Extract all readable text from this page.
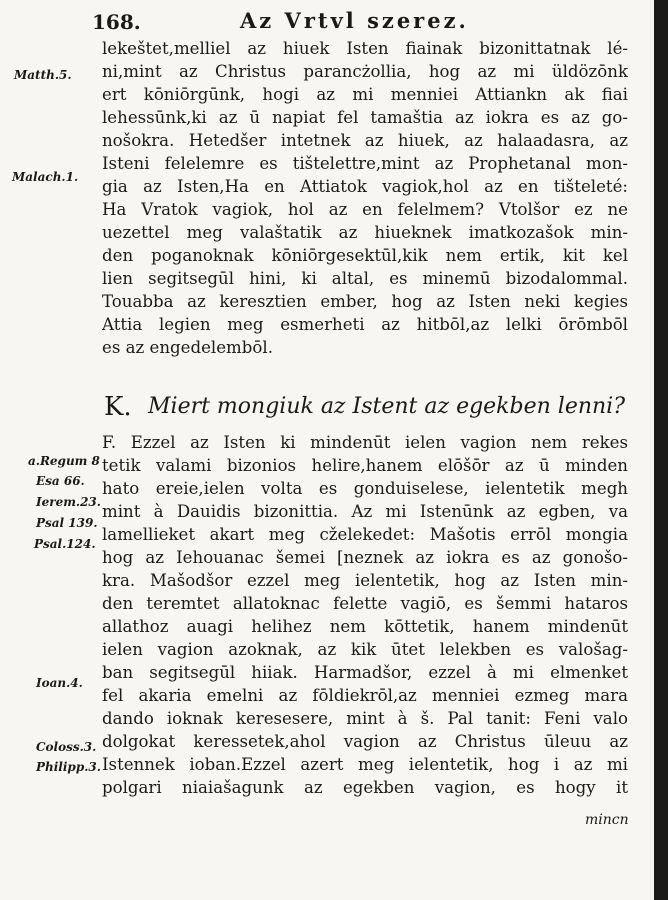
168.	Az Vrtvl szerez.
Matth.5.
Malach.1.
a.Regum 8
Esa 66.
Ierem.23.
Psal 139.
Psal.124.
Ioan.4.
Coloss.3.
Philipp.3.
lekeštet,melliel az hiuek Isten fiainak bizonittatnak lé-
ni,mint az Christus parancżollia, hog az mi üldözōnk
ert kōniōrgūnk, hogi az mi menniei Attiankn ak fiai
lehessūnk,ki az ū napiat fel tamaštia az iokra es az go-
nošokra. Hetedšer intetnek az hiuek, az halaadasra, az
Isteni felelemre es tištelettre,mint az Prophetanal mon-
gia az Isten,Ha en Attiatok vagiok,hol az en tišteleté:
Ha Vratok vagiok, hol az en felelmem? Vtolšor ez ne
uezettel meg valaštatik az hiueknek imatkozašok min-
den poganoknak kōniōrgesektūl,kik nem ertik, kit kel
lien segitsegūl hini, ki altal, es minemū bizodalommal.
Touabba az keresztien ember, hog az Isten neki kegies
Attia legien meg esmerheti az hitbōl,az lelki ōrōmbōl
es az engedelembōl.
K. Miert mongiuk az Istent az egekben lenni?
F. Ezzel az Isten ki mindenūt ielen vagion nem rekes
tetik valami bizonios helire,hanem elōšōr az ū minden
hato ereie,ielen volta es gonduiselese, ielentetik megh
mint à Dauidis bizonittia. Az mi Istenūnk az egben, va
lamellieket akart meg cželekedet: Mašotis errōl mongia
hog az Iehouanac šemei [neznek az iokra es az gonošo-
kra. Mašodšor ezzel meg ielentetik, hog az Isten min-
den teremtet allatoknac felette vagiō, es šemmi hataros
allathoz auagi helihez nem kōttetik, hanem mindenūt
ielen vagion azoknak, az kik ūtet lelekben es valošag-
ban segitsegūl hiiak. Harmadšor, ezzel à mi elmenket
fel akaria emelni az fōldiekrōl,az menniei ezmeg mara
dando ioknak keresesere, mint à š. Pal tanit: Feni valo
dolgokat keressetek,ahol vagion az Christus ūleuu az
Istennek ioban.Ezzel azert meg ielentetik, hog i az mi
polgari niaiašagunk az egekben vagion, es hogy it
mincn
